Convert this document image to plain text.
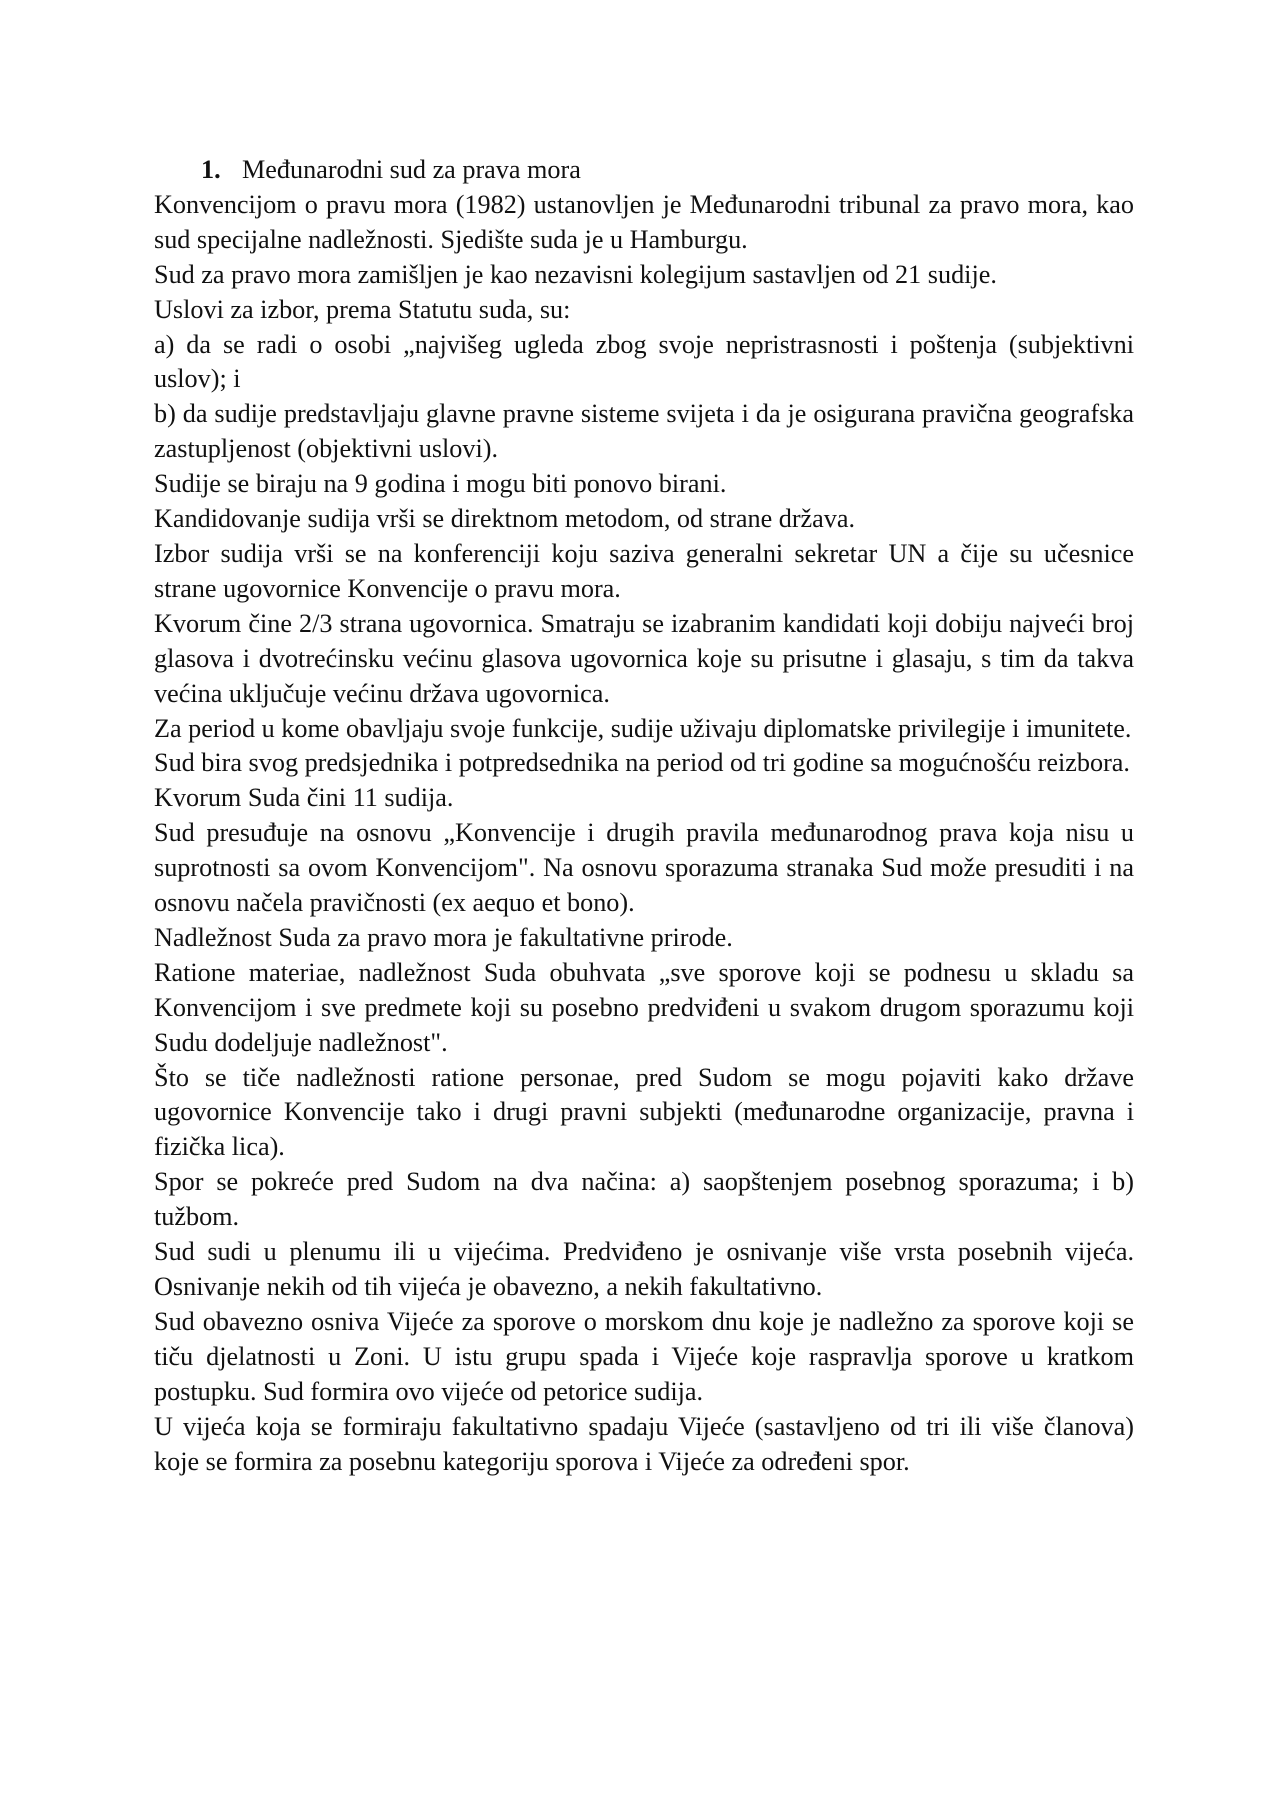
1. Međunarodni sud za prava mora

Konvencijom o pravu mora (1982) ustanovljen je Međunarodni tribunal za pravo mora, kao sud specijalne nadležnosti. Sjedište suda je u Hamburgu.

Sud za pravo mora zamišljen je kao nezavisni kolegijum sastavljen od 21 sudije.

Uslovi za izbor, prema Statutu suda, su:

a) da se radi o osobi „najvišeg ugleda zbog svoje nepristrasnosti i poštenja (subjektivni uslov); i

b) da sudije predstavljaju glavne pravne sisteme svijeta i da je osigurana pravična geografska zastupljenost (objektivni uslovi).

Sudije se biraju na 9 godina i mogu biti ponovo birani.

Kandidovanje sudija vrši se direktnom metodom, od strane država.

Izbor sudija vrši se na konferenciji koju saziva generalni sekretar UN a čije su učesnice strane ugovornice Konvencije o pravu mora.

Kvorum čine 2/3 strana ugovornica. Smatraju se izabranim kandidati koji dobiju najveći broj glasova i dvotrećinsku većinu glasova ugovornica koje su prisutne i glasaju, s tim da takva većina uključuje većinu država ugovornica.

Za period u kome obavljaju svoje funkcije, sudije uživaju diplomatske privilegije i imunitete.

Sud bira svog predsjednika i potpredsednika na period od tri godine sa mogućnošću reizbora.

Kvorum Suda čini 11 sudija.

Sud presuđuje na osnovu „Konvencije i drugih pravila međunarodnog prava koja nisu u suprotnosti sa ovom Konvencijom". Na osnovu sporazuma stranaka Sud može presuditi i na osnovu načela pravičnosti (ex aequo et bono).

Nadležnost Suda za pravo mora je fakultativne prirode.

Ratione materiae, nadležnost Suda obuhvata „sve sporove koji se podnesu u skladu sa Konvencijom i sve predmete koji su posebno predviđeni u svakom drugom sporazumu koji Sudu dodeljuje nadležnost".

Što se tiče nadležnosti ratione personae, pred Sudom se mogu pojaviti kako države ugovornice Konvencije tako i drugi pravni subjekti (međunarodne organizacije, pravna i fizička lica).

Spor se pokreće pred Sudom na dva načina: a) saopštenjem posebnog sporazuma; i b) tužbom.

Sud sudi u plenumu ili u vijećima. Predviđeno je osnivanje više vrsta posebnih vijeća. Osnivanje nekih od tih vijeća je obavezno, a nekih fakultativno.

Sud obavezno osniva Vijeće za sporove o morskom dnu koje je nadležno za sporove koji se tiču djelatnosti u Zoni. U istu grupu spada i Vijeće koje raspravlja sporove u kratkom postupku. Sud formira ovo vijeće od petorice sudija.

U vijeća koja se formiraju fakultativno spadaju Vijeće (sastavljeno od tri ili više članova) koje se formira za posebnu kategoriju sporova i Vijeće za određeni spor.
